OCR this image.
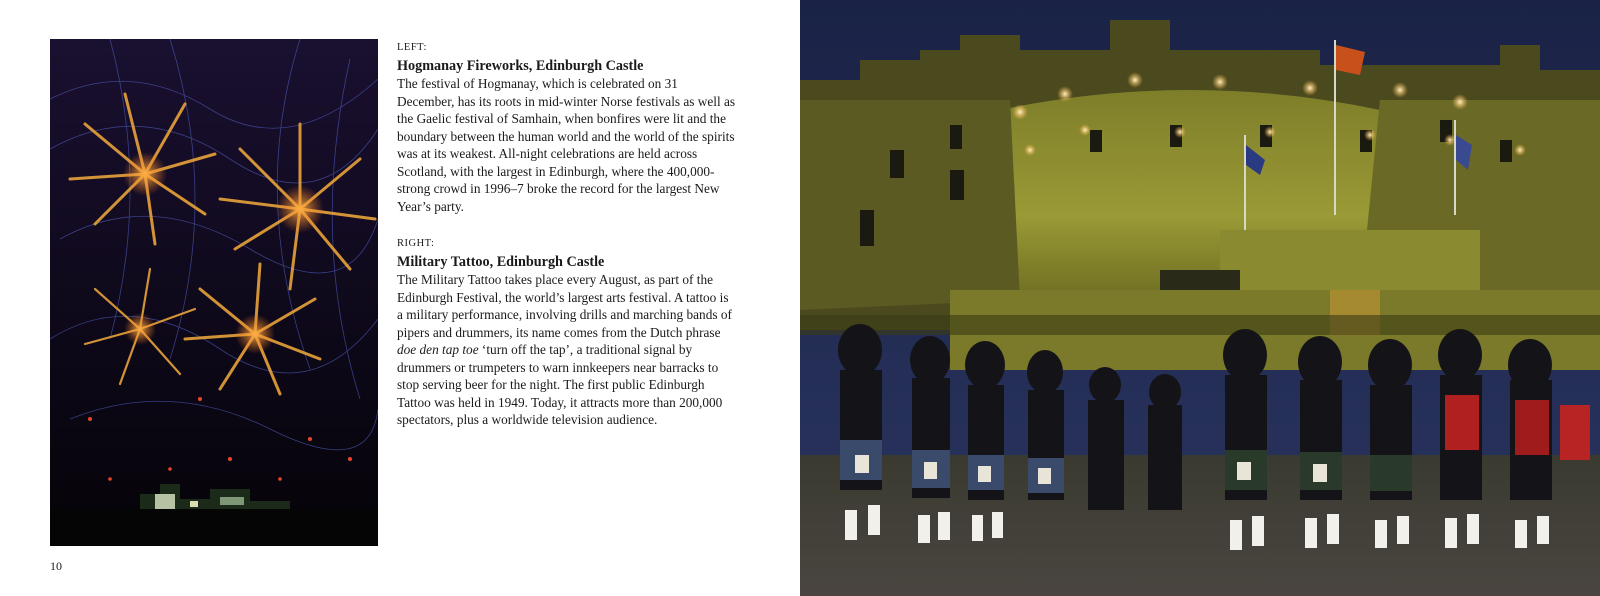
LEFT:

Hogmanay Fireworks, Edinburgh Castle

The festival of Hogmanay, which is celebrated on 31 December, has its roots in mid-winter Norse festivals as well as the Gaelic festival of Samhain, when bonfires were lit and the boundary between the human world and the world of the spirits was at its weakest. All-night celebrations are held across Scotland, with the largest in Edinburgh, where the 400,000-strong crowd in 1996–7 broke the record for the largest New Year’s party.

RIGHT:

Military Tattoo, Edinburgh Castle

The Military Tattoo takes place every August, as part of the Edinburgh Festival, the world’s largest arts festival. A tattoo is a military performance, involving drills and marching bands of pipers and drummers, its name comes from the Dutch phrase doe den tap toe ‘turn off the tap’, a traditional signal by drummers or trumpeters to warn innkeepers near barracks to stop serving beer for the night. The first public Edinburgh Tattoo was held in 1949. Today, it attracts more than 200,000 spectators, plus a worldwide television audience.

10
